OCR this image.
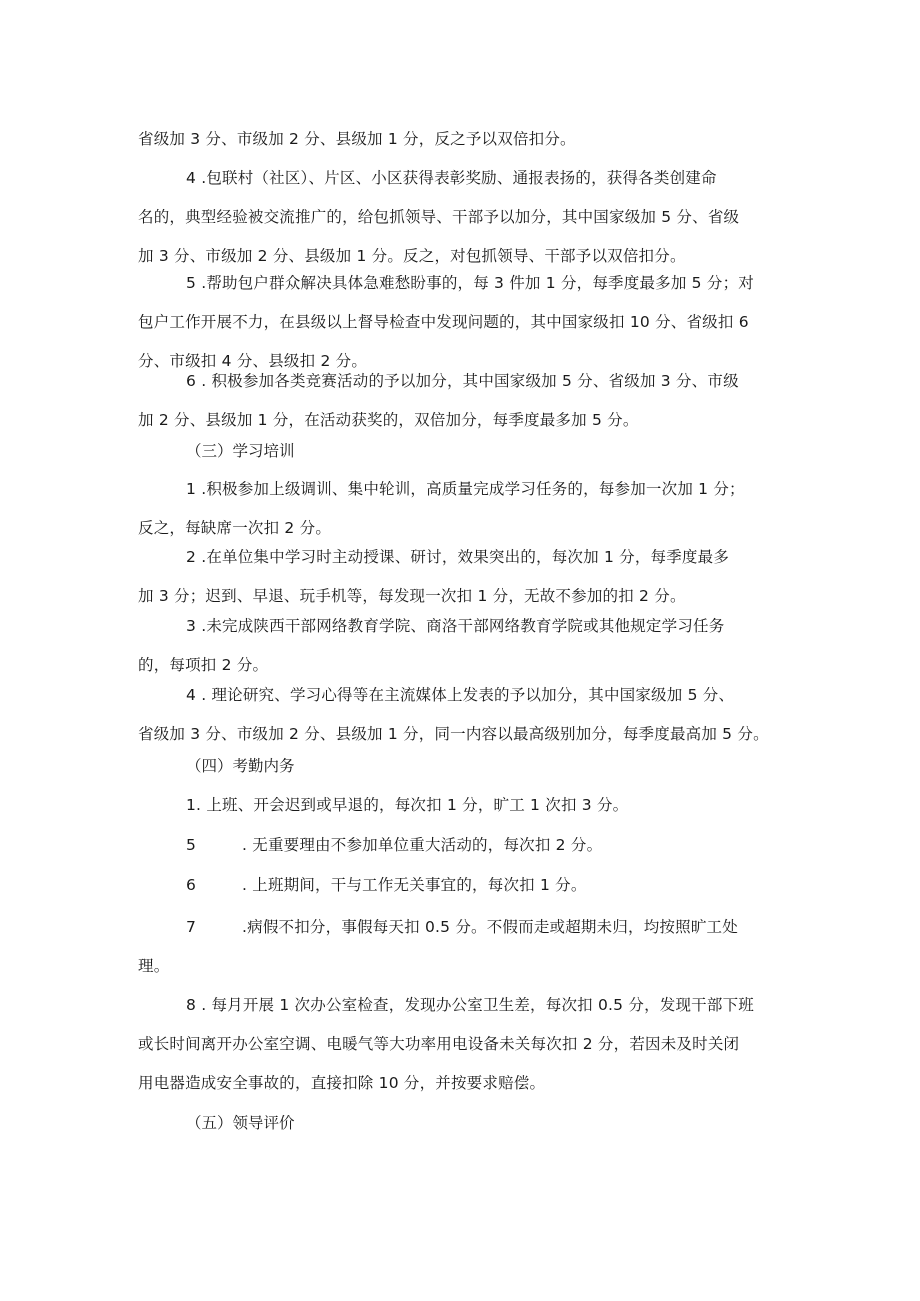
省级加 3 分、市级加 2 分、县级加 1 分，反之予以双倍扣分。

4 .包联村（社区）、片区、小区获得表彰奖励、通报表扬的，获得各类创建命
名的，典型经验被交流推广的，给包抓领导、干部予以加分，其中国家级加 5 分、省级
加 3 分、市级加 2 分、县级加 1 分。反之，对包抓领导、干部予以双倍扣分。

5 .帮助包户群众解决具体急难愁盼事的，每 3 件加 1 分，每季度最多加 5 分；对
包户工作开展不力，在县级以上督导检查中发现问题的，其中国家级扣 10 分、省级扣 6
分、市级扣 4 分、县级扣 2 分。

6 . 积极参加各类竞赛活动的予以加分，其中国家级加 5 分、省级加 3 分、市级
加 2 分、县级加 1 分，在活动获奖的，双倍加分，每季度最多加 5 分。

（三）学习培训

1 .积极参加上级调训、集中轮训，高质量完成学习任务的，每参加一次加 1 分；
反之，每缺席一次扣 2 分。

2 .在单位集中学习时主动授课、研讨，效果突出的，每次加 1 分，每季度最多
加 3 分；迟到、早退、玩手机等，每发现一次扣 1 分，无故不参加的扣 2 分。

3 .未完成陕西干部网络教育学院、商洛干部网络教育学院或其他规定学习任务
的，每项扣 2 分。

4 . 理论研究、学习心得等在主流媒体上发表的予以加分，其中国家级加 5 分、
省级加 3 分、市级加 2 分、县级加 1 分，同一内容以最高级别加分，每季度最高加 5 分。

（四）考勤内务

1. 上班、开会迟到或早退的，每次扣 1 分，旷工 1 次扣 3 分。

5	. 无重要理由不参加单位重大活动的，每次扣 2 分。

6	. 上班期间，干与工作无关事宜的，每次扣 1 分。

7	.病假不扣分，事假每天扣 0.5 分。不假而走或超期未归，均按照旷工处
理。

8 . 每月开展 1 次办公室检查，发现办公室卫生差，每次扣 0.5 分，发现干部下班
或长时间离开办公室空调、电暖气等大功率用电设备未关每次扣 2 分，若因未及时关闭
用电器造成安全事故的，直接扣除 10 分，并按要求赔偿。

（五）领导评价
